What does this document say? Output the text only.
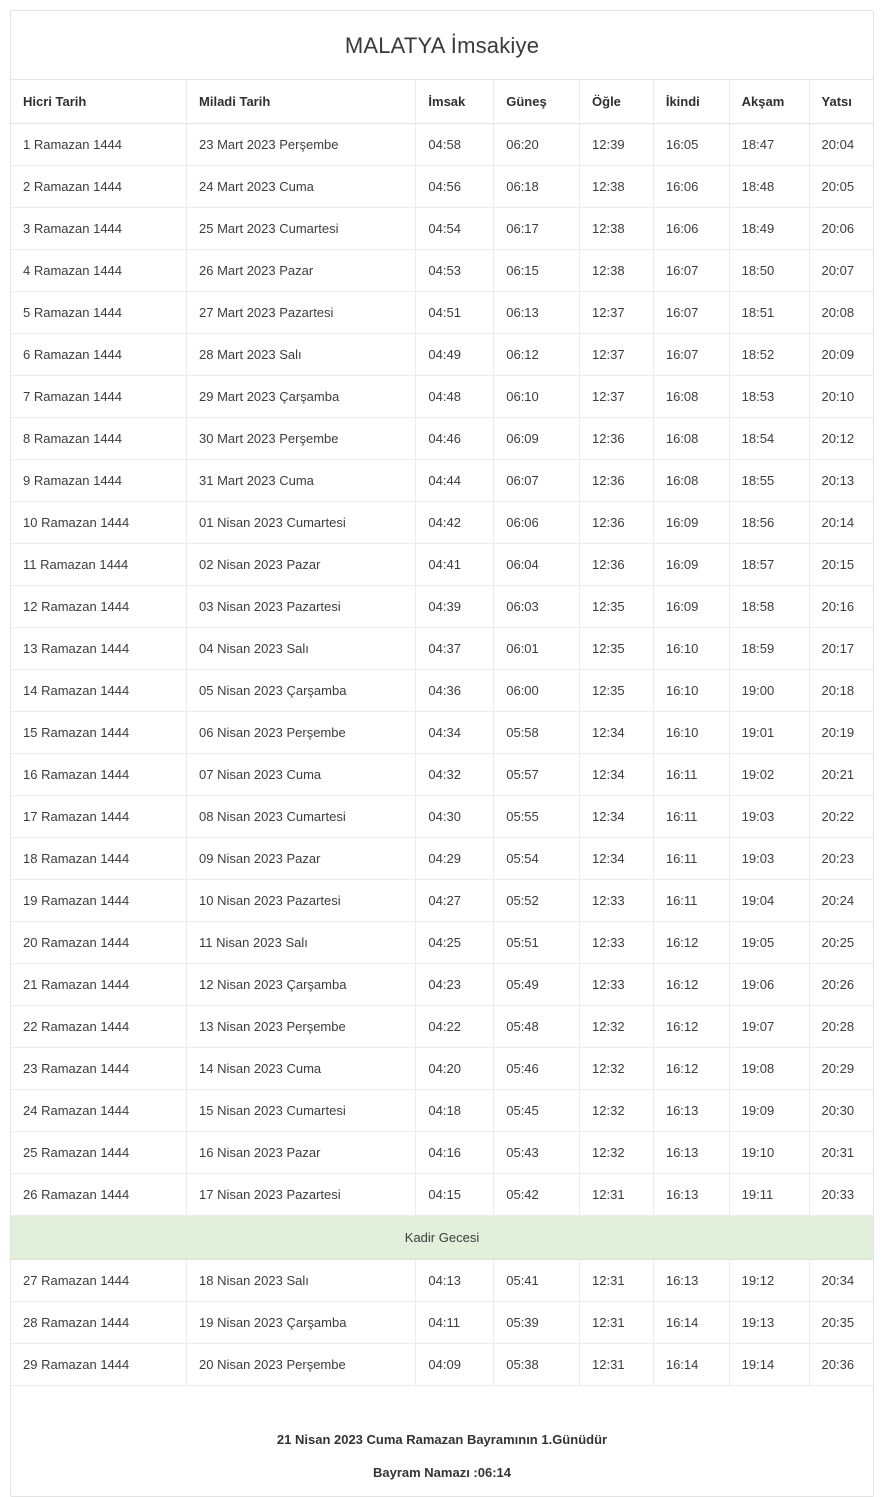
MALATYA İmsakiye
Hicri Tarih	Miladi Tarih	İmsak	Güneş	Öğle	İkindi	Akşam	Yatsı
1 Ramazan 1444	23 Mart 2023 Perşembe	04:58	06:20	12:39	16:05	18:47	20:04
2 Ramazan 1444	24 Mart 2023 Cuma	04:56	06:18	12:38	16:06	18:48	20:05
3 Ramazan 1444	25 Mart 2023 Cumartesi	04:54	06:17	12:38	16:06	18:49	20:06
4 Ramazan 1444	26 Mart 2023 Pazar	04:53	06:15	12:38	16:07	18:50	20:07
5 Ramazan 1444	27 Mart 2023 Pazartesi	04:51	06:13	12:37	16:07	18:51	20:08
6 Ramazan 1444	28 Mart 2023 Salı	04:49	06:12	12:37	16:07	18:52	20:09
7 Ramazan 1444	29 Mart 2023 Çarşamba	04:48	06:10	12:37	16:08	18:53	20:10
8 Ramazan 1444	30 Mart 2023 Perşembe	04:46	06:09	12:36	16:08	18:54	20:12
9 Ramazan 1444	31 Mart 2023 Cuma	04:44	06:07	12:36	16:08	18:55	20:13
10 Ramazan 1444	01 Nisan 2023 Cumartesi	04:42	06:06	12:36	16:09	18:56	20:14
11 Ramazan 1444	02 Nisan 2023 Pazar	04:41	06:04	12:36	16:09	18:57	20:15
12 Ramazan 1444	03 Nisan 2023 Pazartesi	04:39	06:03	12:35	16:09	18:58	20:16
13 Ramazan 1444	04 Nisan 2023 Salı	04:37	06:01	12:35	16:10	18:59	20:17
14 Ramazan 1444	05 Nisan 2023 Çarşamba	04:36	06:00	12:35	16:10	19:00	20:18
15 Ramazan 1444	06 Nisan 2023 Perşembe	04:34	05:58	12:34	16:10	19:01	20:19
16 Ramazan 1444	07 Nisan 2023 Cuma	04:32	05:57	12:34	16:11	19:02	20:21
17 Ramazan 1444	08 Nisan 2023 Cumartesi	04:30	05:55	12:34	16:11	19:03	20:22
18 Ramazan 1444	09 Nisan 2023 Pazar	04:29	05:54	12:34	16:11	19:03	20:23
19 Ramazan 1444	10 Nisan 2023 Pazartesi	04:27	05:52	12:33	16:11	19:04	20:24
20 Ramazan 1444	11 Nisan 2023 Salı	04:25	05:51	12:33	16:12	19:05	20:25
21 Ramazan 1444	12 Nisan 2023 Çarşamba	04:23	05:49	12:33	16:12	19:06	20:26
22 Ramazan 1444	13 Nisan 2023 Perşembe	04:22	05:48	12:32	16:12	19:07	20:28
23 Ramazan 1444	14 Nisan 2023 Cuma	04:20	05:46	12:32	16:12	19:08	20:29
24 Ramazan 1444	15 Nisan 2023 Cumartesi	04:18	05:45	12:32	16:13	19:09	20:30
25 Ramazan 1444	16 Nisan 2023 Pazar	04:16	05:43	12:32	16:13	19:10	20:31
26 Ramazan 1444	17 Nisan 2023 Pazartesi	04:15	05:42	12:31	16:13	19:11	20:33
Kadir Gecesi							
27 Ramazan 1444	18 Nisan 2023 Salı	04:13	05:41	12:31	16:13	19:12	20:34
28 Ramazan 1444	19 Nisan 2023 Çarşamba	04:11	05:39	12:31	16:14	19:13	20:35
29 Ramazan 1444	20 Nisan 2023 Perşembe	04:09	05:38	12:31	16:14	19:14	20:36

21 Nisan 2023 Cuma Ramazan Bayramının 1.Günüdür
Bayram Namazı :06:14
